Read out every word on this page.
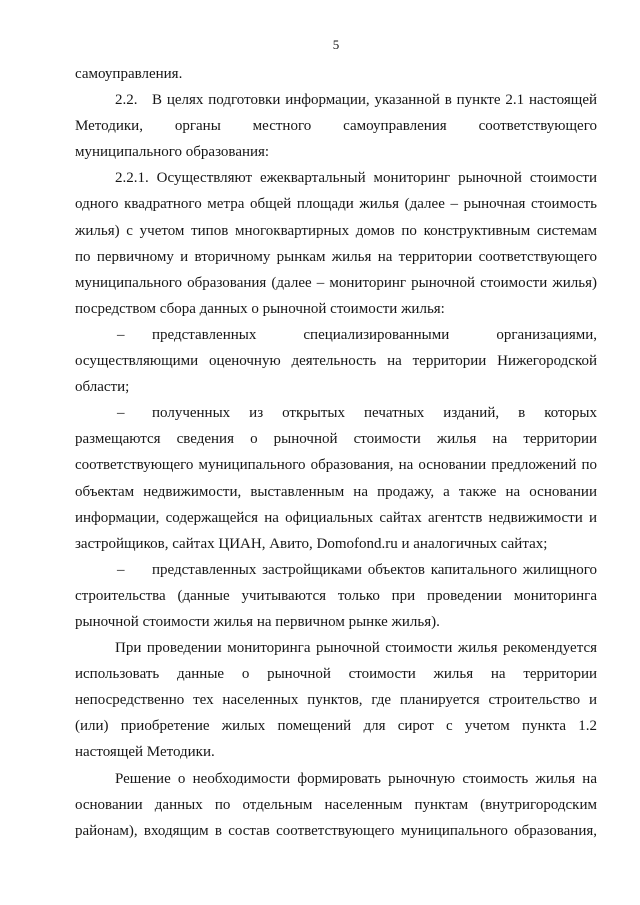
5
самоуправления.
2.2. В целях подготовки информации, указанной в пункте 2.1 настоящей
Методики, органы местного самоуправления соответствующего
муниципального образования:
2.2.1. Осуществляют ежеквартальный мониторинг рыночной стоимости
одного квадратного метра общей площади жилья (далее – рыночная стоимость
жилья) с учетом типов многоквартирных домов по конструктивным системам
по первичному и вторичному рынкам жилья на территории соответствующего
муниципального образования (далее – мониторинг рыночной стоимости жилья)
посредством сбора данных о рыночной стоимости жилья:
–	представленных специализированными организациями,
осуществляющими оценочную деятельность на территории Нижегородской
области;
–	полученных из открытых печатных изданий, в которых
размещаются сведения о рыночной стоимости жилья на территории
соответствующего муниципального образования, на основании предложений по
объектам недвижимости, выставленным на продажу, а также на основании
информации, содержащейся на официальных сайтах агентств недвижимости и
застройщиков, сайтах ЦИАН, Авито, Domofond.ru и аналогичных сайтах;
–	представленных застройщиками объектов капитального жилищного
строительства (данные учитываются только при проведении мониторинга
рыночной стоимости жилья на первичном рынке жилья).
При проведении мониторинга рыночной стоимости жилья рекомендуется
использовать данные о рыночной стоимости жилья на территории
непосредственно тех населенных пунктов, где планируется строительство и
(или) приобретение жилых помещений для сирот с учетом пункта 1.2
настоящей Методики.
Решение о необходимости формировать рыночную стоимость жилья на
основании данных по отдельным населенным пунктам (внутригородским
районам), входящим в состав соответствующего муниципального образования,
